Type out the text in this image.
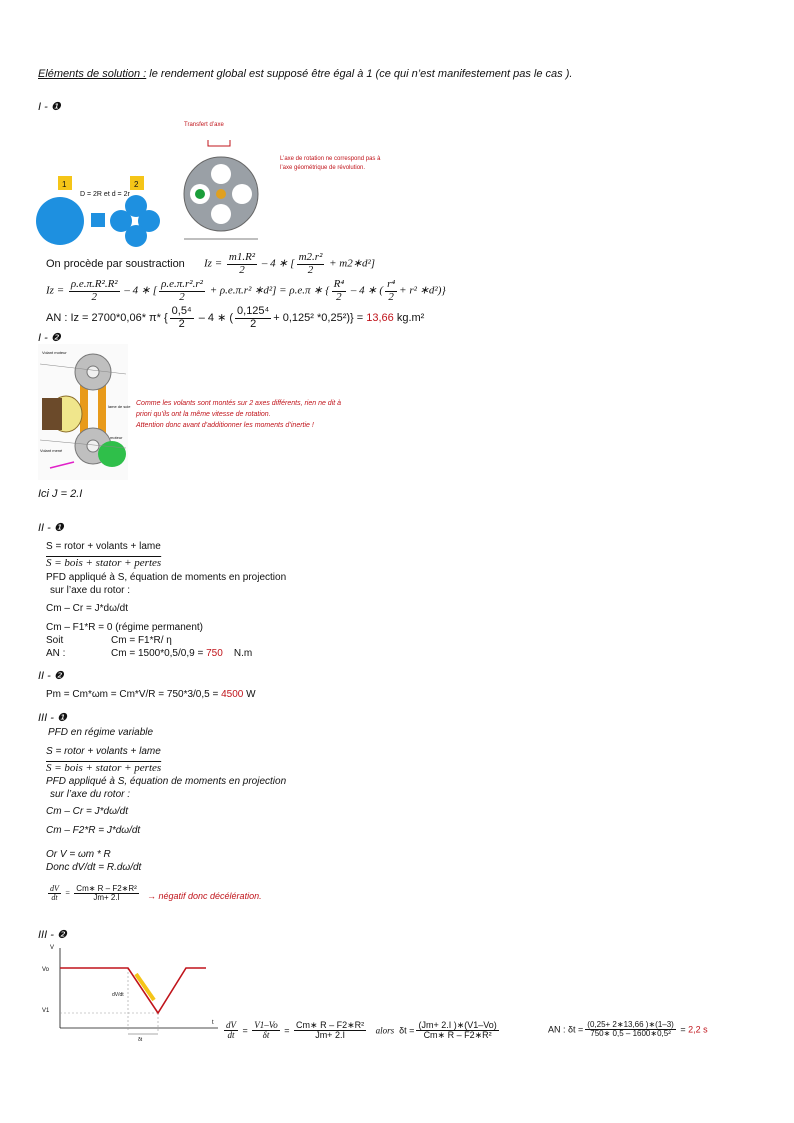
Eléments de solution : le rendement global est supposé être égal à 1 (ce qui n’est manifestement pas le cas ).
I - ❶
1	2
D = 2R et d = 2r
Transfert d’axe
L’axe de rotation ne correspond pas à l’axe géométrique de révolution.
On procède par soustraction $Iz = \frac{\text{m1.R²}}{2} - 4$ ∗ [ $\frac{\text{m2.r²}}{2}$ + m2∗d²]
$Iz = \frac{\text{ρ.e.π.R².R²}}{2} - 4$ ∗ [ $\frac{\text{ρ.e.π.r².r²}}{2} + \rho.e.\pi.r^2$ ∗d²] = ρ.e.π ∗ { $\frac{\text{R⁴}}{2} - 4$ ∗ ( $\frac{\text{r⁴}}{2} + r^2$ ∗d²)}
AN : Iz = 2700*0,06* π* { $\frac{\text{0,5⁴}}{2} - 4$ ∗ ( $\frac{\text{0,125⁴}}{2} + 0,125^2$ *0,25²)} = 13,66 kg.m²
I - ❷
Volant moteur
Volant mené
lame de scie
moteur
Comme les volants sont montés sur 2 axes différents, rien ne dit à
priori qu’ils ont la même vitesse de rotation.
Attention donc avant d’additionner les moments d’inertie !
Ici J = 2.I
II - ❶
S = rotor + volants + lame
S = bois + stator + pertes
PFD appliqué à S, équation de moments en projection
sur l’axe du rotor :
Cm – Cr = J*dω/dt
Cm – F1*R = 0 (régime permanent)
Soit	Cm = F1*R/ η
AN :	Cm = 1500*0,5/0,9 = 750 N.m
II - ❷
Pm = Cm*ωm = Cm*V/R = 750*3/0,5 = 4500 W
III - ❶
PFD en régime variable
S = rotor + volants + lame
S = bois + stator + pertes
PFD appliqué à S, équation de moments en projection
sur l’axe du rotor :
Cm – Cr = J*dω/dt
Cm – F2*R = J*dω/dt
Or V = ωm * R
Donc dV/dt = R.dω/dt
$\frac{dV}{dt} = \frac{\text{Cm∗ R – F2∗R²}}{Jm+ 2.I}$ → négatif donc décélération.
III - ❷
V
t
Vo
V1
dV/dt
δt	$\frac{dV}{dt} = \frac{V1-Vo}{\delta t} = \frac{\text{Cm∗ R – F2∗R²}}{Jm+ 2.I}$ alors $\delta t = \frac{(Jm+ 2.I )∗(V1-Vo)}{\text{Cm∗ R – F2∗R²}}$	AN : $\delta t = \frac{(0,25+ 2∗13,66 )∗(1-3)}{\text{750∗ 0,5 – 1600∗0,5²}} = 2,2$ s
